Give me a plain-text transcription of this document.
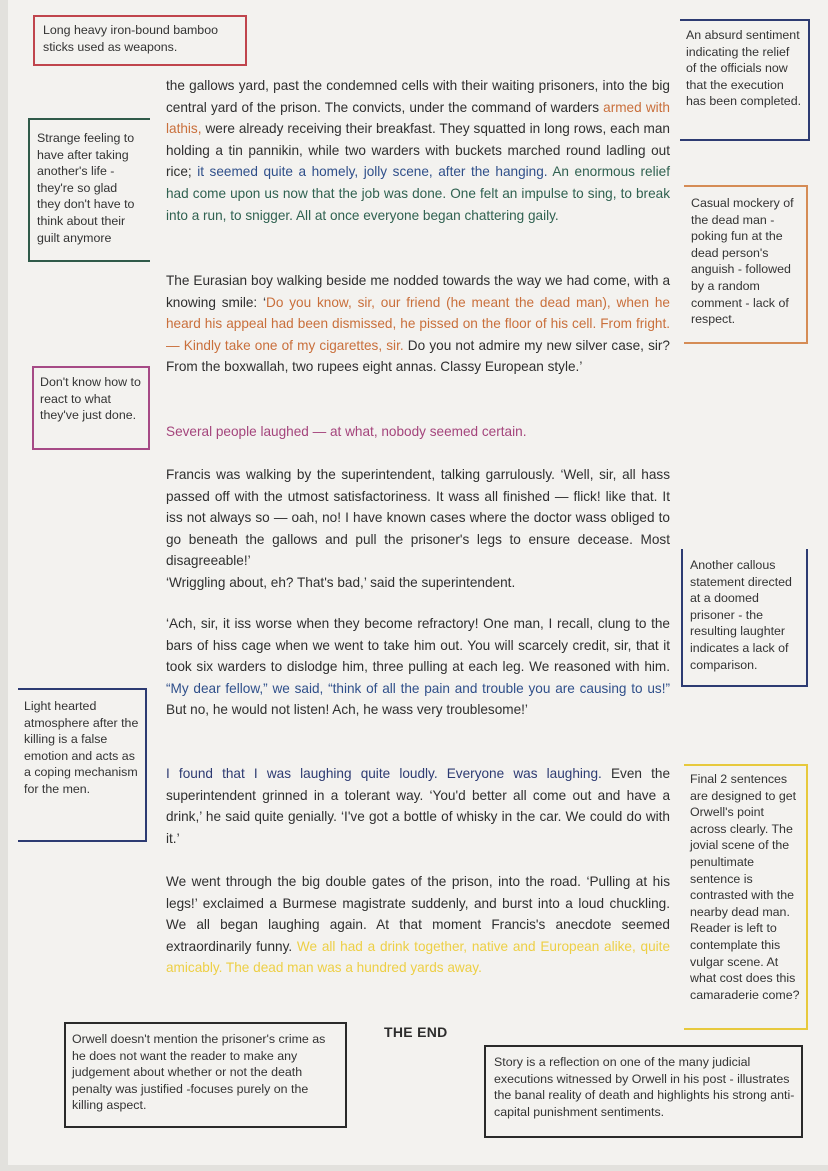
Long heavy iron-bound bamboo sticks used as weapons.
An absurd sentiment indicating the relief of the officials now that the execution has been completed.
Strange feeling to have after taking another's life - they're so glad they don't have to think about their guilt anymore
Casual mockery of the dead man - poking fun at the dead person's anguish - followed by a random comment - lack of respect.
Don't know how to react to what they've just done.
Another callous statement directed at a doomed prisoner - the resulting laughter indicates a lack of comparison.
Light hearted atmosphere after the killing is a false emotion and acts as a coping mechanism for the men.
Final 2 sentences are designed to get Orwell's point across clearly. The jovial scene of the penultimate sentence is contrasted with the nearby dead man. Reader is left to contemplate this vulgar scene. At what cost does this camaraderie come?
Orwell doesn't mention the prisoner's crime as he does not want the reader to make any judgement about whether or not the death penalty was justified -focuses purely on the killing aspect.
Story is a reflection on one of the many judicial executions witnessed by Orwell in his post - illustrates the banal reality of death and highlights his strong anti-capital punishment sentiments.

the gallows yard, past the condemned cells with their waiting prisoners, into the big central yard of the prison. The convicts, under the command of warders armed with lathis, were already receiving their breakfast. They squatted in long rows, each man holding a tin pannikin, while two warders with buckets marched round ladling out rice; it seemed quite a homely, jolly scene, after the hanging. An enormous relief had come upon us now that the job was done. One felt an impulse to sing, to break into a run, to snigger. All at once everyone began chattering gaily.

The Eurasian boy walking beside me nodded towards the way we had come, with a knowing smile: ‘Do you know, sir, our friend (he meant the dead man), when he heard his appeal had been dismissed, he pissed on the floor of his cell. From fright. — Kindly take one of my cigarettes, sir. Do you not admire my new silver case, sir? From the boxwallah, two rupees eight annas. Classy European style.’

Several people laughed — at what, nobody seemed certain.

Francis was walking by the superintendent, talking garrulously. ‘Well, sir, all hass passed off with the utmost satisfactoriness. It wass all finished — flick! like that. It iss not always so — oah, no! I have known cases where the doctor wass obliged to go beneath the gallows and pull the prisoner's legs to ensure decease. Most disagreeable!’

‘Wriggling about, eh? That's bad,’ said the superintendent.

‘Ach, sir, it iss worse when they become refractory! One man, I recall, clung to the bars of hiss cage when we went to take him out. You will scarcely credit, sir, that it took six warders to dislodge him, three pulling at each leg. We reasoned with him. “My dear fellow,” we said, “think of all the pain and trouble you are causing to us!” But no, he would not listen! Ach, he wass very troublesome!’

I found that I was laughing quite loudly. Everyone was laughing. Even the superintendent grinned in a tolerant way. ‘You'd better all come out and have a drink,’ he said quite genially. ‘I've got a bottle of whisky in the car. We could do with it.’

We went through the big double gates of the prison, into the road. ‘Pulling at his legs!’ exclaimed a Burmese magistrate suddenly, and burst into a loud chuckling. We all began laughing again. At that moment Francis's anecdote seemed extraordinarily funny. We all had a drink together, native and European alike, quite amicably. The dead man was a hundred yards away.

THE END
